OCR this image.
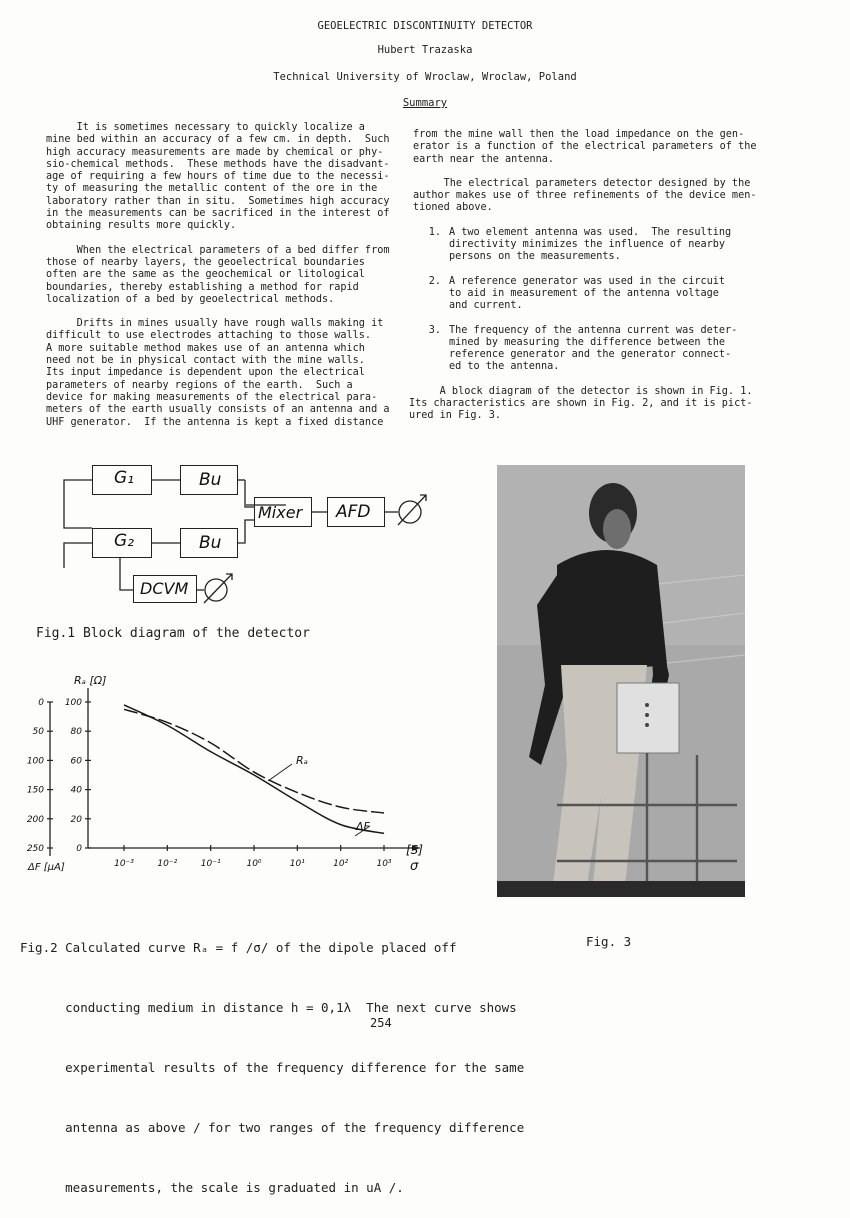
GEOELECTRIC DISCONTINUITY DETECTOR
Hubert Trazaska
Technical University of Wroclaw, Wroclaw, Poland
Summary

It is sometimes necessary to quickly localize a

mine bed within an accuracy of a few cm. in depth.  Such

high accuracy measurements are made by chemical or phy-

sio-chemical methods.  These methods have the disadvant-

age of requiring a few hours of time due to the necessi-

ty of measuring the metallic content of the ore in the

laboratory rather than in situ.  Sometimes high accuracy

in the measurements can be sacrificed in the interest of

obtaining results more quickly.

When the electrical parameters of a bed differ from

those of nearby layers, the geoelectrical boundaries

often are the same as the geochemical or litological

boundaries, thereby establishing a method for rapid

localization of a bed by geoelectrical methods.

Drifts in mines usually have rough walls making it

difficult to use electrodes attaching to those walls.

A more suitable method makes use of an antenna which

need not be in physical contact with the mine walls.

Its input impedance is dependent upon the electrical

parameters of nearby regions of the earth.  Such a

device for making measurements of the electrical para-

meters of the earth usually consists of an antenna and a

UHF generator.  If the antenna is kept a fixed distance

from the mine wall then the load impedance on the gen-

erator is a function of the electrical parameters of the

earth near the antenna.

The electrical parameters detector designed by the

author makes use of three refinements of the device men-

tioned above.

1. A two element antenna was used.  The resulting

directivity minimizes the influence of nearby

persons on the measurements.

2. A reference generator was used in the circuit

to aid in measurement of the antenna voltage

and current.

3. The frequency of the antenna current was deter-

mined by measuring the difference between the

reference generator and the generator connect-

ed to the antenna.

A block diagram of the detector is shown in Fig. 1.

Its characteristics are shown in Fig. 2, and it is pict-

ured in Fig. 3.

G₁	Bu
Mixer AFD
G₂	Bu
DCVM
Fig.1 Block diagram of the detector
100
80
60
40
20
0
0
50
100
150
200
250
10⁻³	10⁻²	10⁻¹	10⁰	10¹	10²	10³
Rₐ [Ω]
ΔF [μA]
[S]
σ
Rₐ
ΔF

Fig.2 Calculated curve Rₐ = f /σ/ of the dipole placed off

conducting medium in distance h = 0,1λ  The next curve shows

experimental results of the frequency difference for the same

antenna as above / for two ranges of the frequency difference

measurements, the scale is graduated in uA /.

Fig. 3
254
